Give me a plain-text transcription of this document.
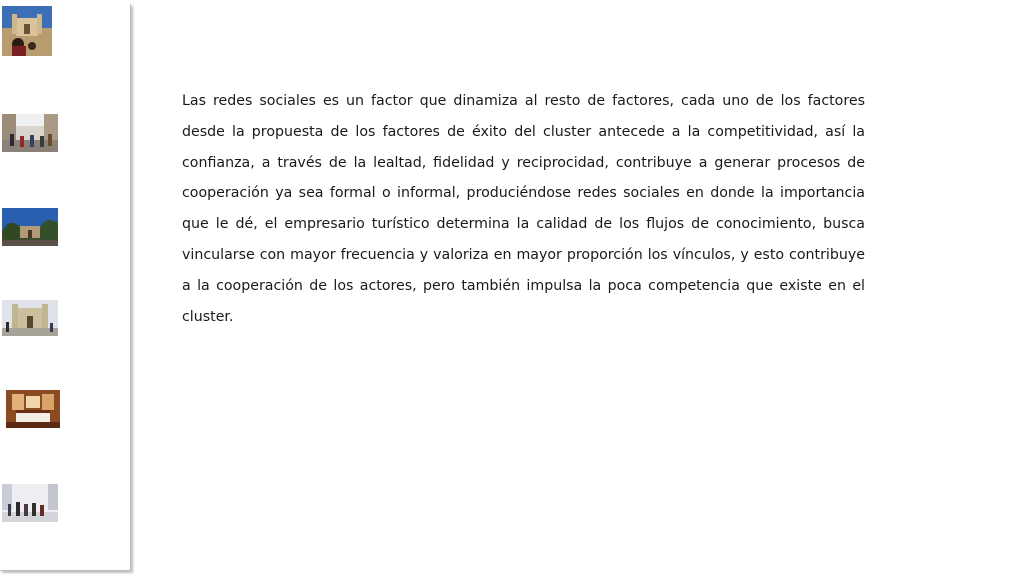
Las redes sociales es un factor que dinamiza al resto de factores, cada uno de los factores desde la propuesta de los factores de éxito del cluster antecede a la competitividad, así la confianza, a través de la lealtad, fidelidad y reciprocidad, contribuye a generar procesos de cooperación ya sea formal o informal, produciéndose redes sociales en donde la importancia que le dé, el empresario turístico determina la calidad de los flujos de conocimiento, busca vincularse con mayor frecuencia y valoriza en mayor proporción los vínculos, y esto contribuye a la cooperación de los actores, pero también impulsa la poca competencia que existe en el cluster.
